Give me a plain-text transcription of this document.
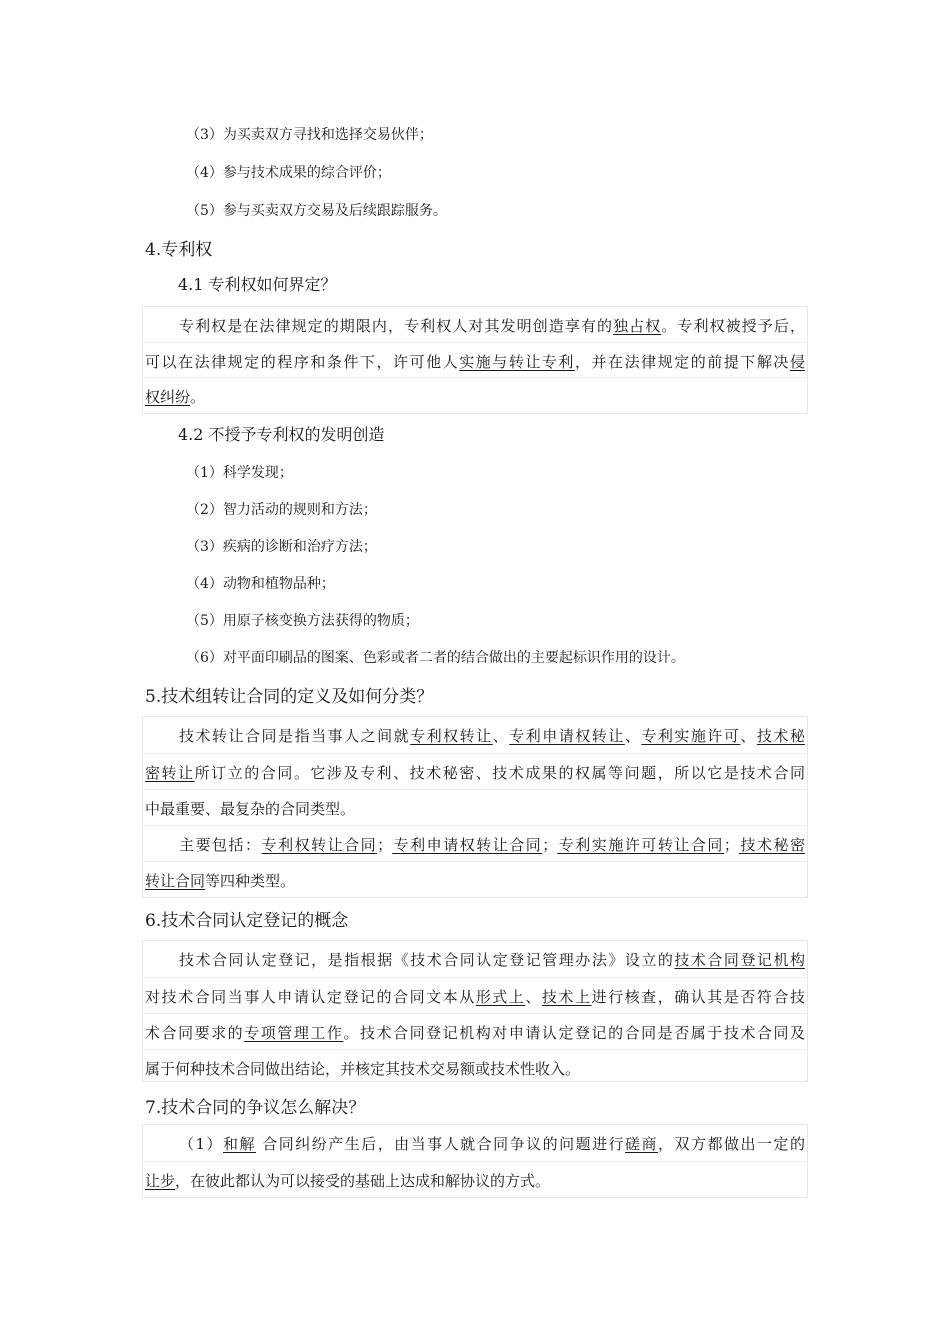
（3）为买卖双方寻找和选择交易伙伴；
（4）参与技术成果的综合评价；
（5）参与买卖双方交易及后续跟踪服务。
4.专利权
4.1 专利权如何界定？
专利权是在法律规定的期限内，专利权人对其发明创造享有的独占权。专利权被授予后，
可以在法律规定的程序和条件下，许可他人实施与转让专利，并在法律规定的前提下解决侵
权纠纷。
4.2 不授予专利权的发明创造
（1）科学发现；
（2）智力活动的规则和方法；
（3）疾病的诊断和治疗方法；
（4）动物和植物品种；
（5）用原子核变换方法获得的物质；
（6）对平面印刷品的图案、色彩或者二者的结合做出的主要起标识作用的设计。
5.技术组转让合同的定义及如何分类？
技术转让合同是指当事人之间就专利权转让、专利申请权转让、专利实施许可、技术秘
密转让所订立的合同。它涉及专利、技术秘密、技术成果的权属等问题，所以它是技术合同
中最重要、最复杂的合同类型。
主要包括：专利权转让合同；专利申请权转让合同；专利实施许可转让合同；技术秘密
转让合同等四种类型。
6.技术合同认定登记的概念
技术合同认定登记，是指根据《技术合同认定登记管理办法》设立的技术合同登记机构
对技术合同当事人申请认定登记的合同文本从形式上、技术上进行核查，确认其是否符合技
术合同要求的专项管理工作。技术合同登记机构对申请认定登记的合同是否属于技术合同及
属于何种技术合同做出结论，并核定其技术交易额或技术性收入。
7.技术合同的争议怎么解决？
（1）和解 合同纠纷产生后，由当事人就合同争议的问题进行磋商，双方都做出一定的
让步，在彼此都认为可以接受的基础上达成和解协议的方式。
